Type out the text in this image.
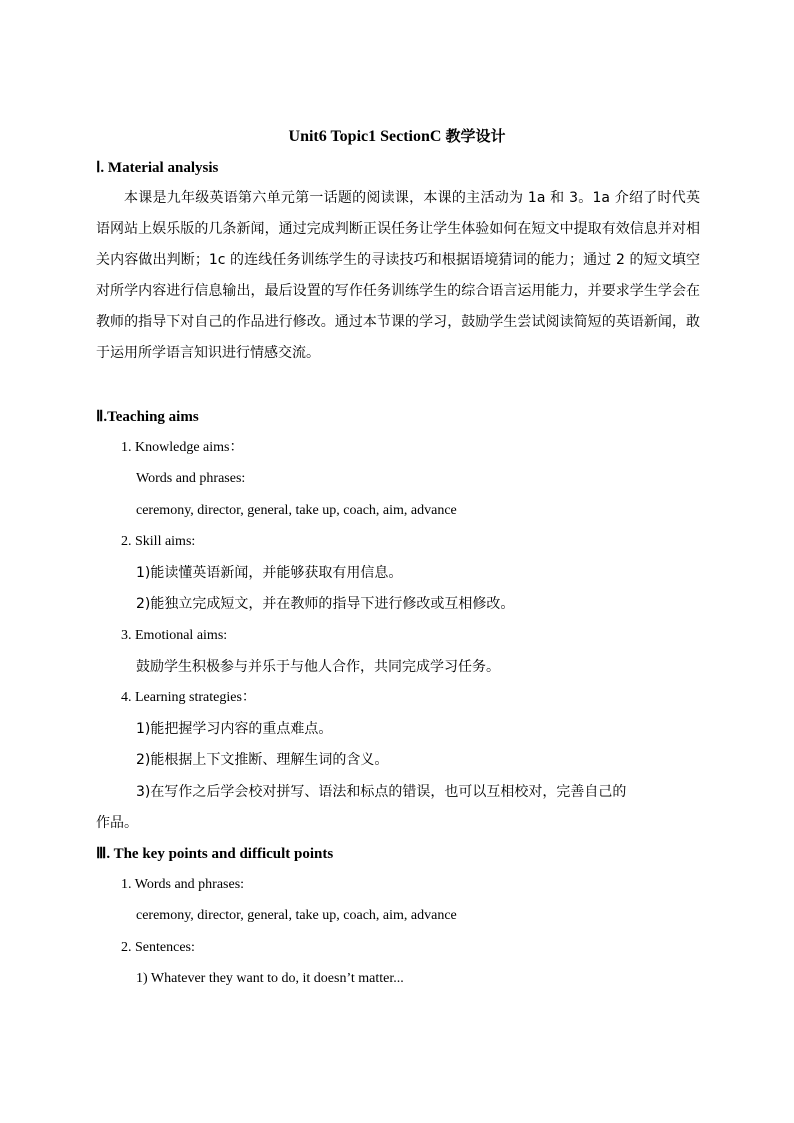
Unit6 Topic1 SectionC 教学设计
Ⅰ. Material analysis

本课是九年级英语第六单元第一话题的阅读课，本课的主活动为 1a 和 3。1a 介绍了时代英语网站上娱乐版的几条新闻，通过完成判断正误任务让学生体验如何在短文中提取有效信息并对相关内容做出判断；1c 的连线任务训练学生的寻读技巧和根据语境猜词的能力；通过 2 的短文填空对所学内容进行信息输出，最后设置的写作任务训练学生的综合语言运用能力，并要求学生学会在教师的指导下对自己的作品进行修改。通过本节课的学习，鼓励学生尝试阅读简短的英语新闻，敢于运用所学语言知识进行情感交流。

Ⅱ.Teaching aims
1. Knowledge aims：
Words and phrases:
ceremony, director, general, take up, coach, aim, advance
2. Skill aims:
1)能读懂英语新闻，并能够获取有用信息。
2)能独立完成短文，并在教师的指导下进行修改或互相修改。
3. Emotional aims:
鼓励学生积极参与并乐于与他人合作，共同完成学习任务。
4. Learning strategies：
1)能把握学习内容的重点难点。
2)能根据上下文推断、理解生词的含义。
3)在写作之后学会校对拼写、语法和标点的错误，也可以互相校对，完善自己的
作品。
Ⅲ. The key points and difficult points
1. Words and phrases:
ceremony, director, general, take up, coach, aim, advance
2. Sentences:
1) Whatever they want to do, it doesn’t matter...
